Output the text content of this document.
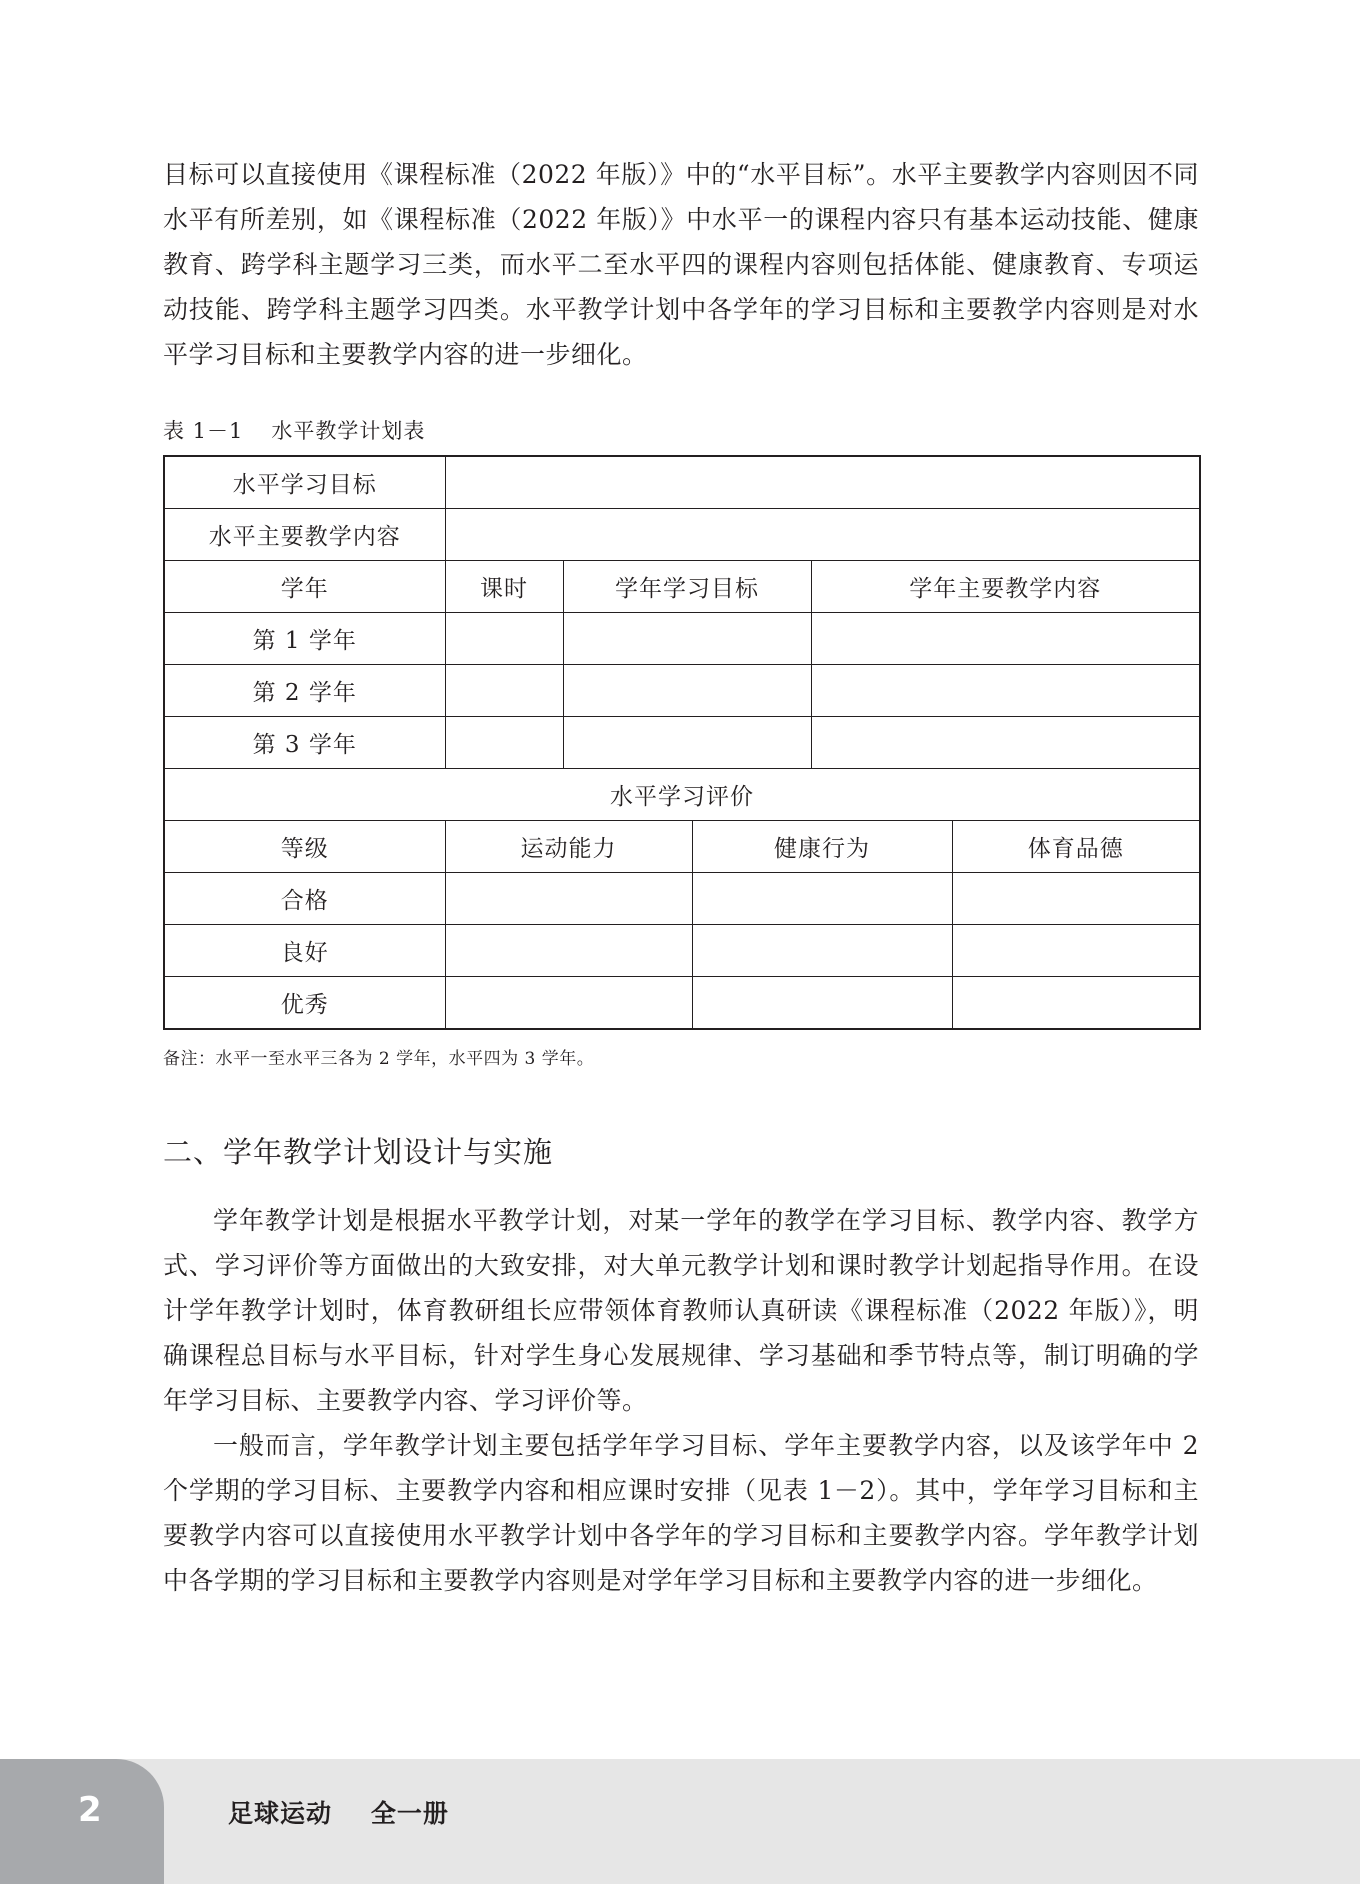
目标可以直接使用《课程标准（2022 年版）》中的“水平目标”。水平主要教学内容则因不同水平有所差别，如《课程标准（2022 年版）》中水平一的课程内容只有基本运动技能、健康教育、跨学科主题学习三类，而水平二至水平四的课程内容则包括体能、健康教育、专项运动技能、跨学科主题学习四类。水平教学计划中各学年的学习目标和主要教学内容则是对水平学习目标和主要教学内容的进一步细化。

表 1－1 水平教学计划表
水平学习目标					
水平主要教学内容					
学年	课时	学年学习目标		学年主要教学内容	
第 1 学年					
第 2 学年					
第 3 学年					
水平学习评价					
等级	运动能力		健康行为		体育品德
合格					
良好					
优秀					
备注：水平一至水平三各为 2 学年，水平四为 3 学年。
二、学年教学计划设计与实施

学年教学计划是根据水平教学计划，对某一学年的教学在学习目标、教学内容、教学方式、学习评价等方面做出的大致安排，对大单元教学计划和课时教学计划起指导作用。在设计学年教学计划时，体育教研组长应带领体育教师认真研读《课程标准（2022 年版）》，明确课程总目标与水平目标，针对学生身心发展规律、学习基础和季节特点等，制订明确的学年学习目标、主要教学内容、学习评价等。

一般而言，学年教学计划主要包括学年学习目标、学年主要教学内容，以及该学年中 2 个学期的学习目标、主要教学内容和相应课时安排（见表 1－2）。其中，学年学习目标和主要教学内容可以直接使用水平教学计划中各学年的学习目标和主要教学内容。学年教学计划中各学期的学习目标和主要教学内容则是对学年学习目标和主要教学内容的进一步细化。

2	足球运动    全一册
